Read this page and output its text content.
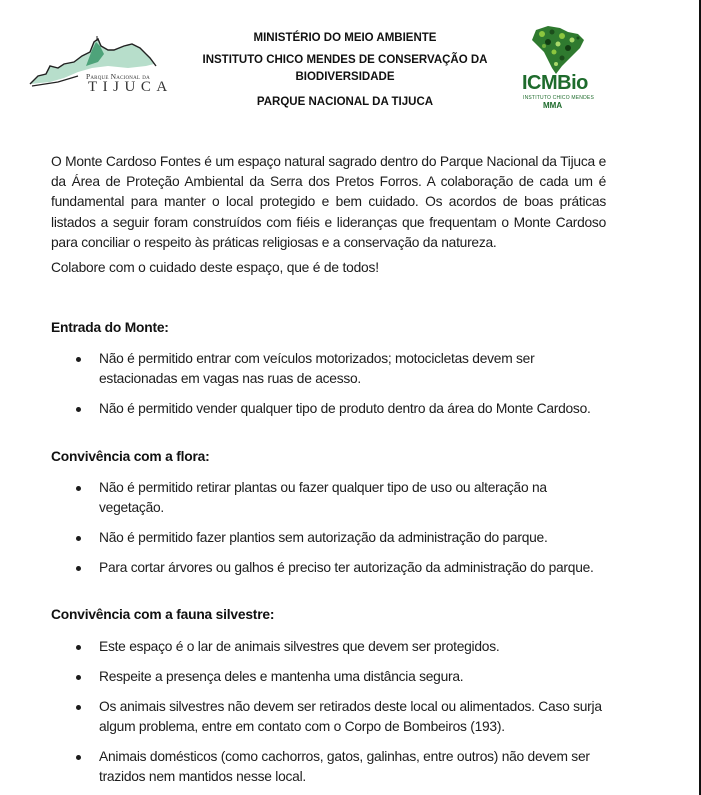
Parque Nacional da
TIJUCA
MINISTÉRIO DO MEIO AMBIENTE
INSTITUTO CHICO MENDES DE CONSERVAÇÃO DA
BIODIVERSIDADE
PARQUE NACIONAL DA TIJUCA
ICMBio
INSTITUTO CHICO MENDES
MMA

O Monte Cardoso Fontes é um espaço natural sagrado dentro do Parque Nacional da Tijuca e da Área de Proteção Ambiental da Serra dos Pretos Forros. A colaboração de cada um é fundamental para manter o local protegido e bem cuidado. Os acordos de boas práticas listados a seguir foram construídos com fiéis e lideranças que frequentam o Monte Cardoso para conciliar o respeito às práticas religiosas e a conservação da natureza.

Colabore com o cuidado deste espaço, que é de todos!

Entrada do Monte:
Não é permitido entrar com veículos motorizados; motocicletas devem ser estacionadas em vagas nas ruas de acesso.
Não é permitido vender qualquer tipo de produto dentro da área do Monte Cardoso.
Convivência com a flora:
Não é permitido retirar plantas ou fazer qualquer tipo de uso ou alteração na vegetação.
Não é permitido fazer plantios sem autorização da administração do parque.
Para cortar árvores ou galhos é preciso ter autorização da administração do parque.
Convivência com a fauna silvestre:
Este espaço é o lar de animais silvestres que devem ser protegidos.
Respeite a presença deles e mantenha uma distância segura.
Os animais silvestres não devem ser retirados deste local ou alimentados. Caso surja algum problema, entre em contato com o Corpo de Bombeiros (193).
Animais domésticos (como cachorros, gatos, galinhas, entre outros) não devem ser trazidos nem mantidos nesse local.
